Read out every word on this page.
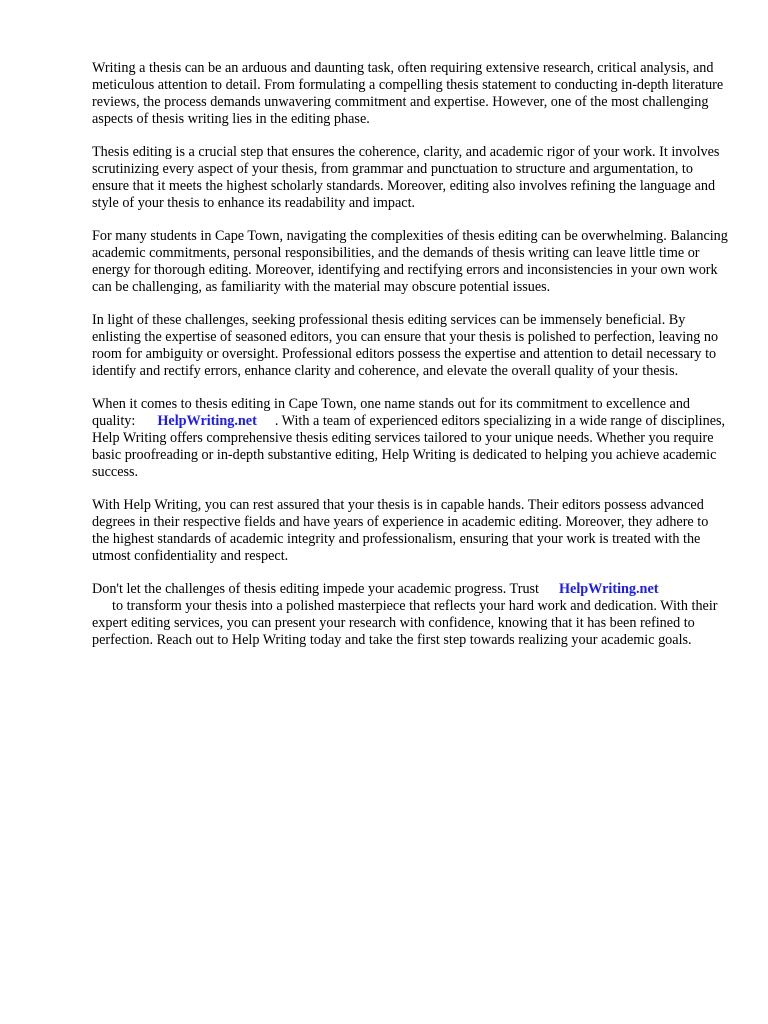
Writing a thesis can be an arduous and daunting task, often requiring extensive research, critical analysis, and meticulous attention to detail. From formulating a compelling thesis statement to conducting in-depth literature reviews, the process demands unwavering commitment and expertise. However, one of the most challenging aspects of thesis writing lies in the editing phase.

Thesis editing is a crucial step that ensures the coherence, clarity, and academic rigor of your work. It involves scrutinizing every aspect of your thesis, from grammar and punctuation to structure and argumentation, to ensure that it meets the highest scholarly standards. Moreover, editing also involves refining the language and style of your thesis to enhance its readability and impact.

For many students in Cape Town, navigating the complexities of thesis editing can be overwhelming. Balancing academic commitments, personal responsibilities, and the demands of thesis writing can leave little time or energy for thorough editing. Moreover, identifying and rectifying errors and inconsistencies in your own work can be challenging, as familiarity with the material may obscure potential issues.

In light of these challenges, seeking professional thesis editing services can be immensely beneficial. By enlisting the expertise of seasoned editors, you can ensure that your thesis is polished to perfection, leaving no room for ambiguity or oversight. Professional editors possess the expertise and attention to detail necessary to identify and rectify errors, enhance clarity and coherence, and elevate the overall quality of your thesis.

When it comes to thesis editing in Cape Town, one name stands out for its commitment to excellence and quality: HelpWriting.net . With a team of experienced editors specializing in a wide range of disciplines, Help Writing offers comprehensive thesis editing services tailored to your unique needs. Whether you require basic proofreading or in-depth substantive editing, Help Writing is dedicated to helping you achieve academic success.

With Help Writing, you can rest assured that your thesis is in capable hands. Their editors possess advanced degrees in their respective fields and have years of experience in academic editing. Moreover, they adhere to the highest standards of academic integrity and professionalism, ensuring that your work is treated with the utmost confidentiality and respect.

Don't let the challenges of thesis editing impede your academic progress. Trust HelpWriting.net
to transform your thesis into a polished masterpiece that reflects your hard work and dedication. With their expert editing services, you can present your research with confidence, knowing that it has been refined to perfection. Reach out to Help Writing today and take the first step towards realizing your academic goals.
